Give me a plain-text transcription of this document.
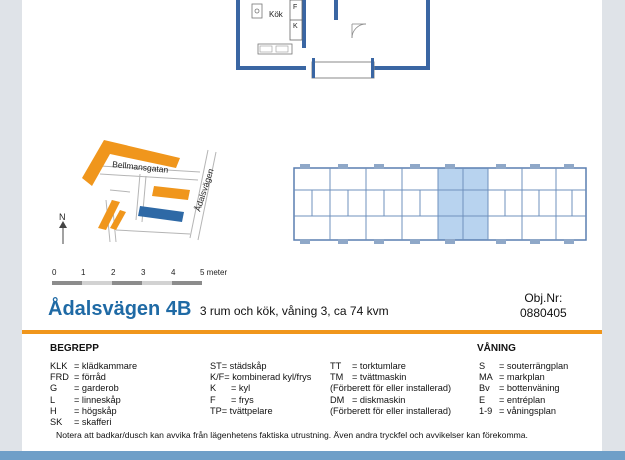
Kök
F
K
Bellmansgatan
Ådalsvägen
N
0	1	2	3	4	5 meter
Ådalsvägen 4B 3 rum och kök, våning 3, ca 74 kvm
Obj.Nr:
0880405
BEGREPP	VÅNING
KLK = klädkammare
FRD = förråd
G = garderob
L = linneskåp
H = högskåp
SK = skafferi
ST= städskåp
K/F= kombinerad kyl/frys
K = kyl
F = frys
TP= tvättpelare
TT = torktumlare
TM = tvättmaskin
(Förberett för eller installerad)
DM = diskmaskin
(Förberett för eller installerad)
S = souterrängplan
MA = markplan
Bv = bottenväning
E = entréplan
1-9 = våningsplan
Notera att badkar/dusch kan avvika från lägenhetens faktiska utrustning. Även andra tryckfel och avvikelser kan förekomma.
